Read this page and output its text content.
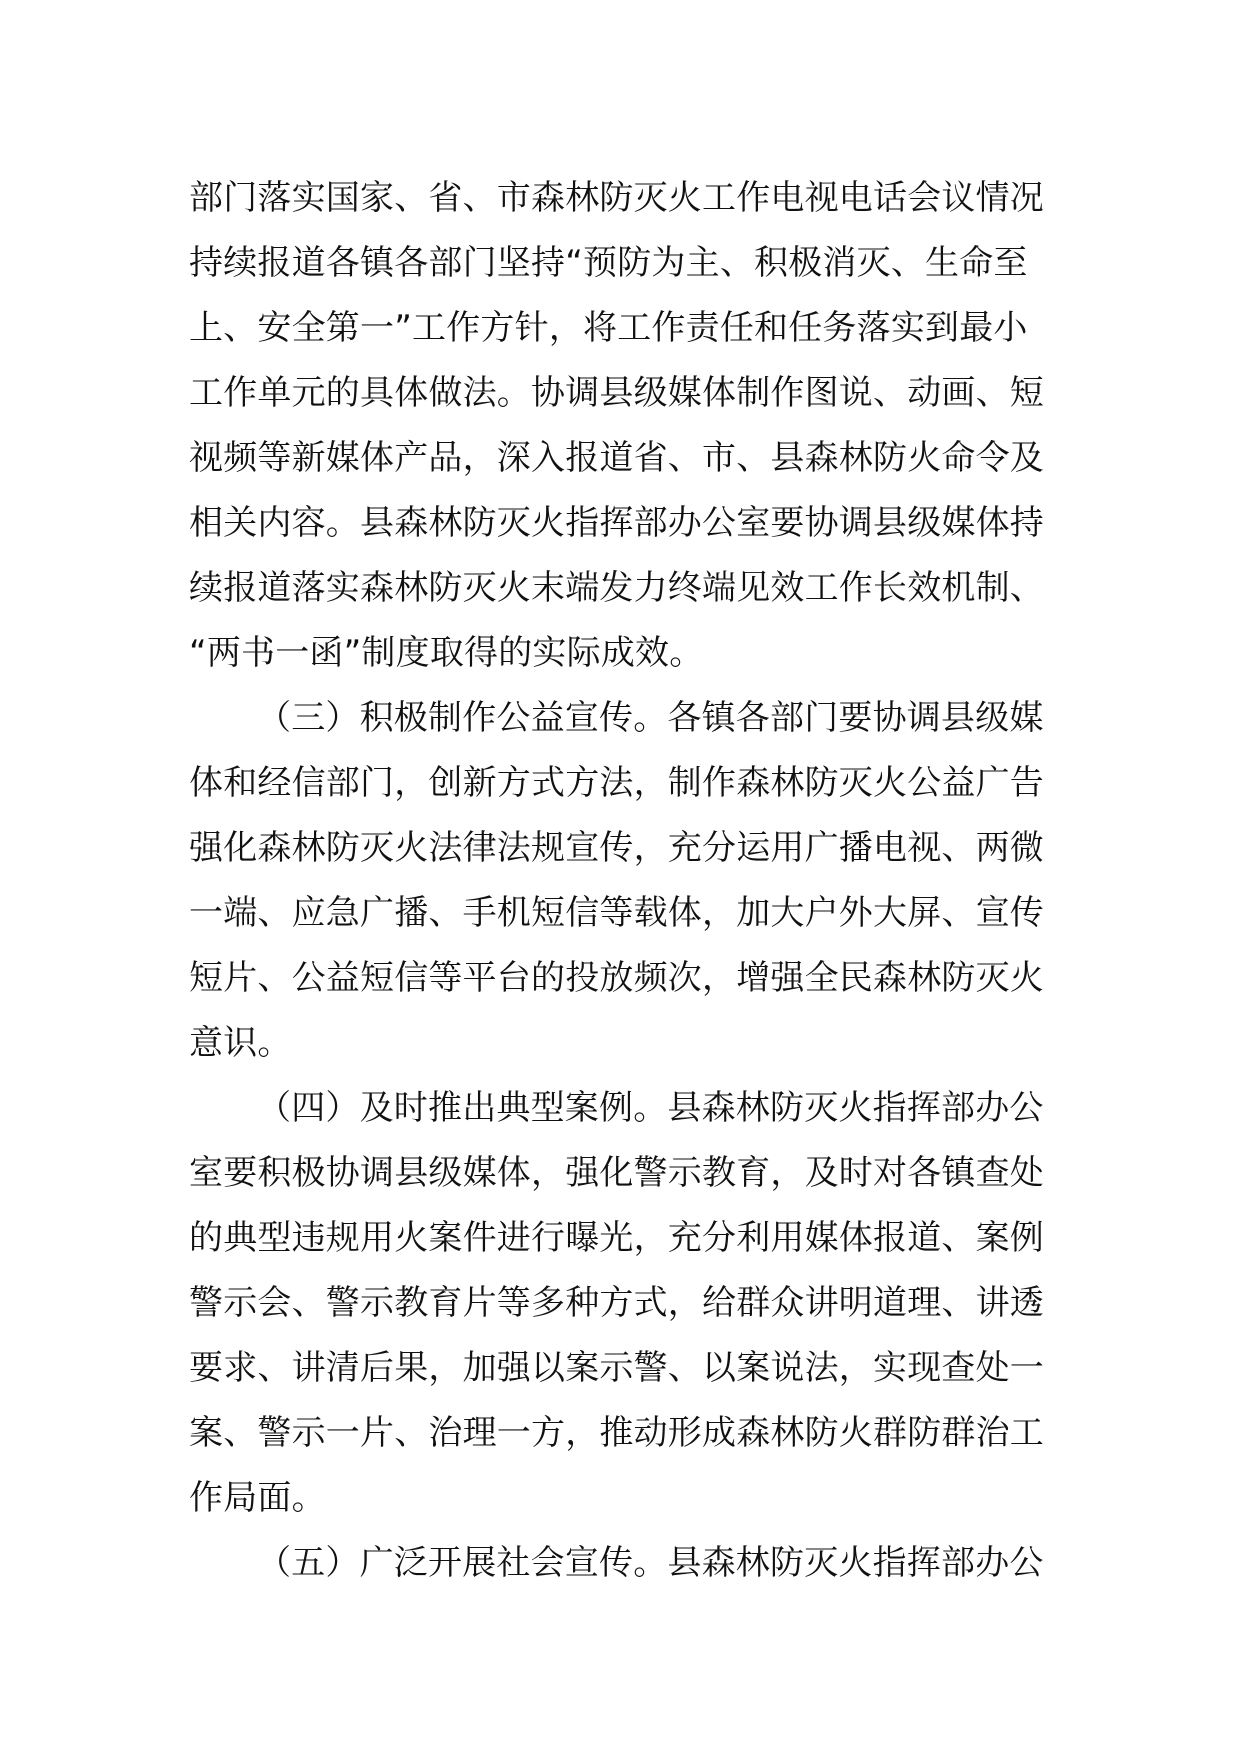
部门落实国家、省、市森林防灭火工作电视电话会议情况
持续报道各镇各部门坚持“预防为主、积极消灭、生命至
上、安全第一”工作方针，将工作责任和任务落实到最小
工作单元的具体做法。协调县级媒体制作图说、动画、短
视频等新媒体产品，深入报道省、市、县森林防火命令及
相关内容。县森林防灭火指挥部办公室要协调县级媒体持
续报道落实森林防灭火末端发力终端见效工作长效机制、
“两书一函”制度取得的实际成效。
（三）积极制作公益宣传。各镇各部门要协调县级媒
体和经信部门，创新方式方法，制作森林防灭火公益广告
强化森林防灭火法律法规宣传，充分运用广播电视、两微
一端、应急广播、手机短信等载体，加大户外大屏、宣传
短片、公益短信等平台的投放频次，增强全民森林防灭火
意识。
（四）及时推出典型案例。县森林防灭火指挥部办公
室要积极协调县级媒体，强化警示教育，及时对各镇查处
的典型违规用火案件进行曝光，充分利用媒体报道、案例
警示会、警示教育片等多种方式，给群众讲明道理、讲透
要求、讲清后果，加强以案示警、以案说法，实现查处一
案、警示一片、治理一方，推动形成森林防火群防群治工
作局面。
（五）广泛开展社会宣传。县森林防灭火指挥部办公
